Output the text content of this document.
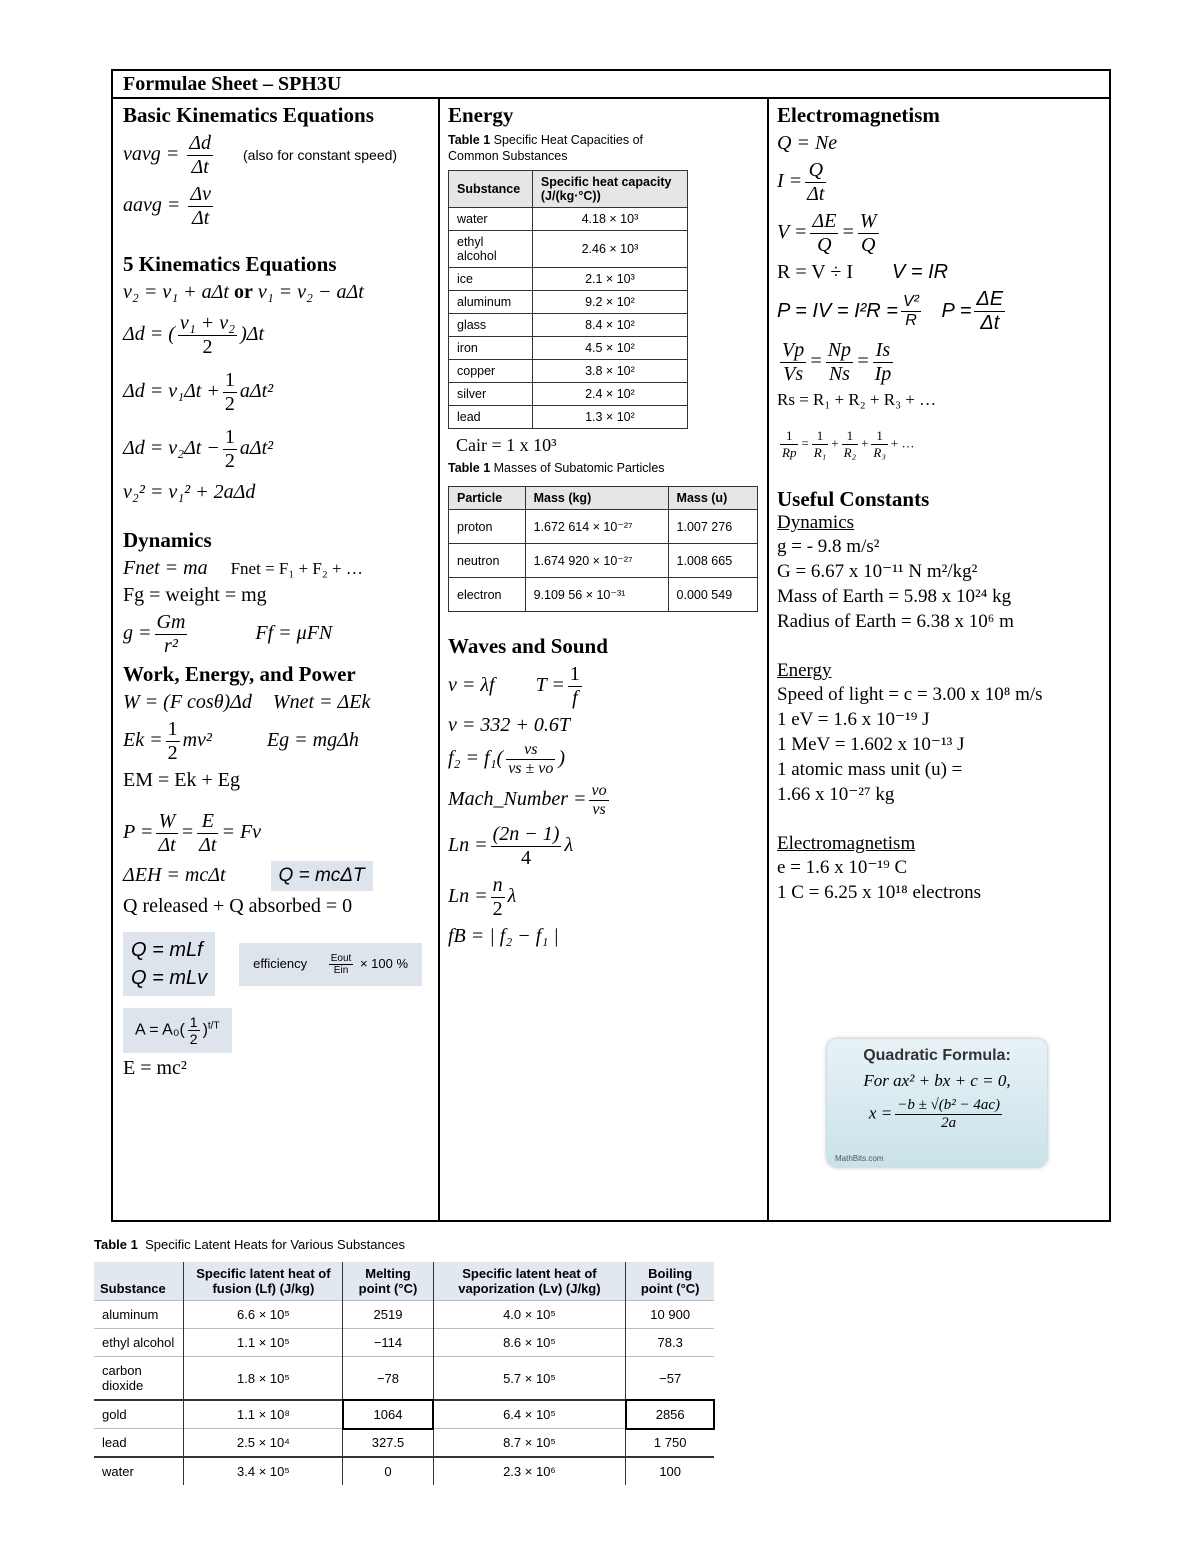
Formulae Sheet – SPH3U
Basic Kinematics Equations
vavg = $\frac{\Delta d}{\Delta t}$ (also for constant speed)
aavg = $\frac{\Delta v}{\Delta t}$
5 Kinematics Equations
v₂ = v₁ + aΔt or v₁ = v₂ − aΔt
Δd = ( $\frac{\text{v₁ + v₂}}{2} )\Delta t$
$\Delta d = v_1\Delta t + \frac{1}{2} a\Delta t^2$
$\Delta d = v_2\Delta t - \frac{1}{2} a\Delta t^2$
v₂² = v₁² + 2aΔd
Dynamics
Fnet = ma Fnet = F₁ + F₂ + …
Fg = weight = mg
$g = \frac{Gm}{\text{r²}}$	Ff = μFN
Work, Energy, and Power
W = (F cosθ)Δd Wnet = ΔEk
$Ek = \frac{1}{2} mv^2$	Eg = mgΔh
EM = Ek + Eg
$P = \frac{W}{\Delta t} = \frac{E}{\Delta t} = Fv$
ΔEH = mcΔt	Q = mcΔT
Q released + Q absorbed = 0
Q = mLf
Q = mLv
efficiency Eout
Ein × 100 %
$A = A_0( \frac{1}{2} )^{t/T}$
E = mc²
Energy
Table 1 Specific Heat Capacities of Common Substances
Substance	Specific heat capacity (J/(kg·°C))
water	4.18 × 10³
ethyl alcohol	2.46 × 10³
ice	2.1 × 10³
aluminum	9.2 × 10²
glass	8.4 × 10²
iron	4.5 × 10²
copper	3.8 × 10²
silver	2.4 × 10²
lead	1.3 × 10²
Cair = 1 x 10³
Table 1 Masses of Subatomic Particles
Particle	Mass (kg)	Mass (u)
proton	1.672 614 × 10⁻²⁷	1.007 276
neutron	1.674 920 × 10⁻²⁷	1.008 665
electron	9.109 56 × 10⁻³¹	0.000 549
Waves and Sound
v = λf $T = \frac{1}{f}$
v = 332 + 0.6T
$f_2 = f_1( \frac{vs}{vs \pm vo}$ )
Mach_Number = $\frac{vo}{vs}$
$Ln = \frac{(2n - 1)}{4}$ λ
$Ln = \frac{n}{2}$ λ
fB = | f₂ − f₁ |
Electromagnetism
Q = Ne
$I = \frac{Q}{\Delta t}$
$V = \frac{\Delta E}{Q} = \frac{W}{Q}$
R = V ÷ I V = IR
P = IV = $I^2R = \frac{\text{V²}}{R}$ $P = \frac{\Delta E}{\Delta t}$
$\frac{Vp}{Vs} = \frac{Np}{Ns} = \frac{Is}{Ip}$
Rs = R₁ + R₂ + R₃ + …
$\frac{1}{Rp} = \frac{1}{\text{R₁}} + \frac{1}{\text{R₂}} + \frac{1}{\text{R₃}}$ + …
Useful Constants
Dynamics
g = - 9.8 m/s²
G = 6.67 x 10⁻¹¹ N m²/kg²
Mass of Earth = 5.98 x 10²⁴ kg
Radius of Earth = 6.38 x 10⁶ m
Energy
Speed of light = c = 3.00 x 10⁸ m/s
1 eV = 1.6 x 10⁻¹⁹ J
1 MeV = 1.602 x 10⁻¹³ J
1 atomic mass unit (u) =
1.66 x 10⁻²⁷ kg
Electromagnetism
e = 1.6 x 10⁻¹⁹ C
1 C = 6.25 x 10¹⁸ electrons
Quadratic Formula:
For ax² + bx + c = 0,
$x = \frac{\text{−b ± √(b² − 4ac)}}{2a}$
MathBits.com
Table 1 Specific Latent Heats for Various Substances
Substance	Specific latent heat of fusion (Lf) (J/kg)	Melting point (°C)	Specific latent heat of vaporization (Lv) (J/kg)	Boiling point (°C)
aluminum	6.6 × 10⁵	2519	4.0 × 10⁵	10 900
ethyl alcohol	1.1 × 10⁵	−114	8.6 × 10⁵	78.3
carbon dioxide	1.8 × 10⁵	−78	5.7 × 10⁵	−57
gold	1.1 × 10⁸	1064	6.4 × 10⁵	2856
lead	2.5 × 10⁴	327.5	8.7 × 10⁵	1 750
water	3.4 × 10⁵	0	2.3 × 10⁶	100
